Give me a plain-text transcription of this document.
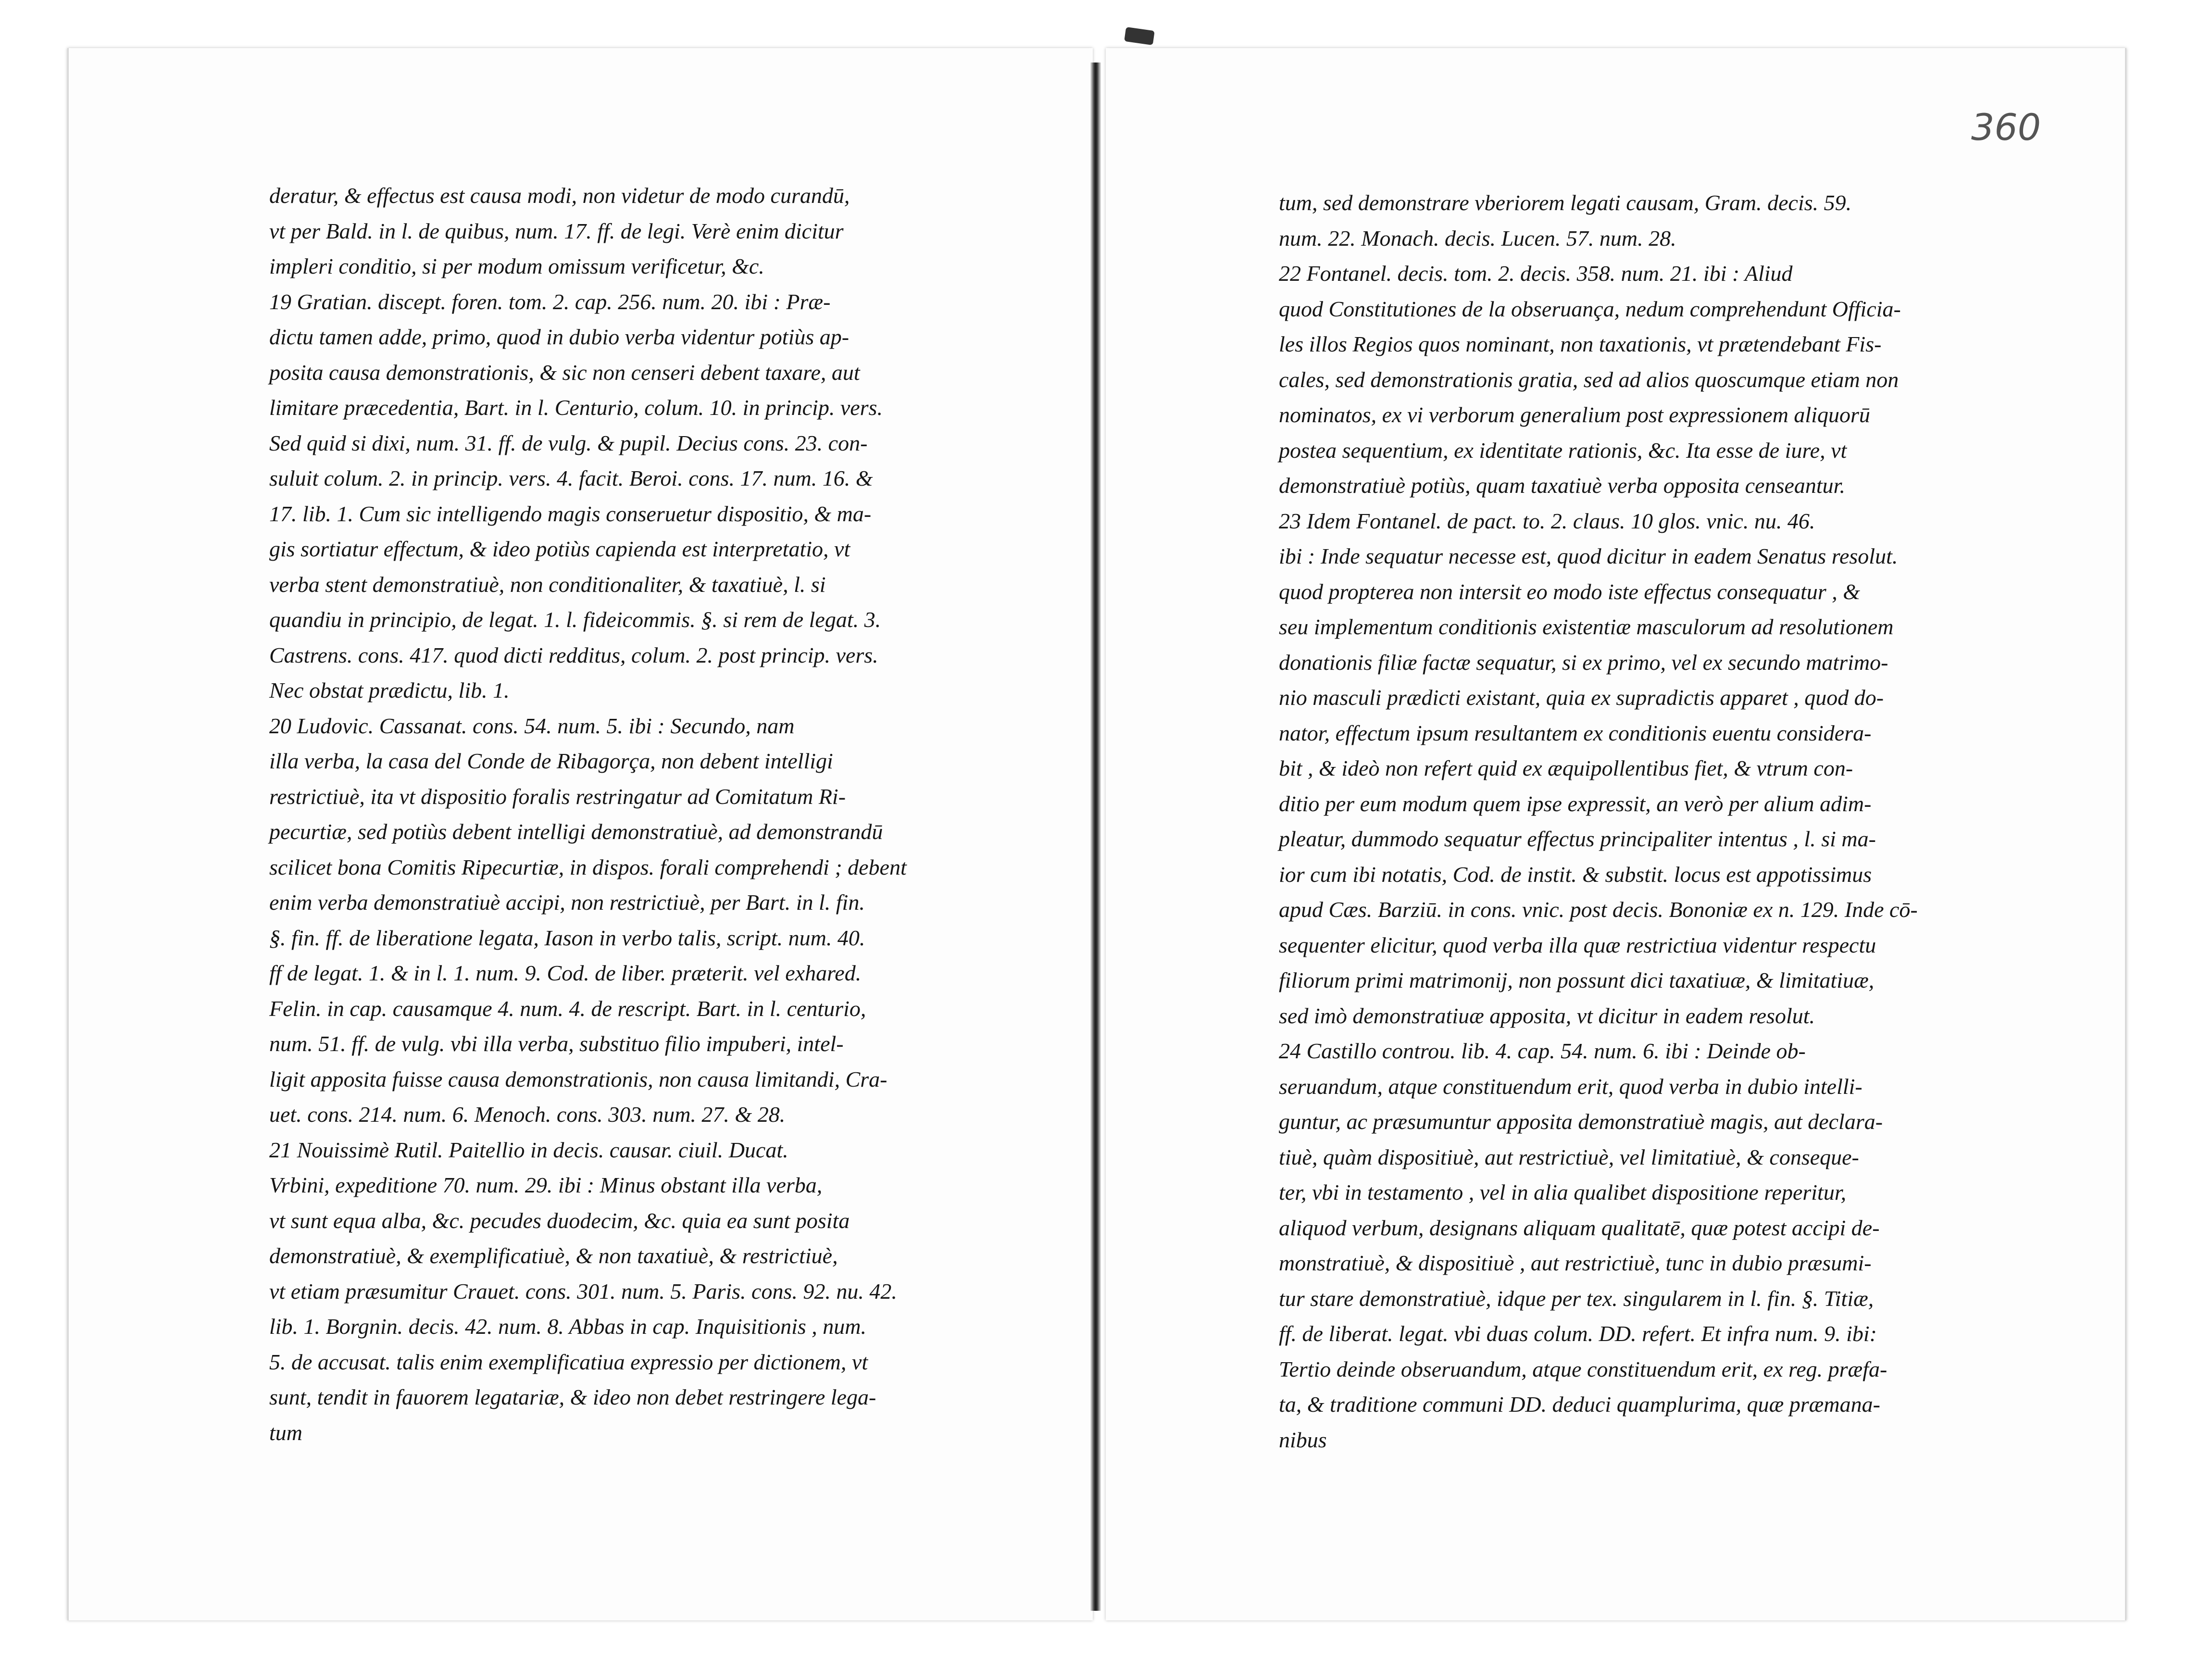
360
deratur, & effectus est causa modi, non videtur de modo curandū,
vt per Bald. in l. de quibus, num. 17. ff. de legi. Verè enim dicitur
impleri conditio, si per modum omissum verificetur, &c.
19 Gratian. discept. foren. tom. 2. cap. 256. num. 20. ibi : Præ-
dictu tamen adde, primo, quod in dubio verba videntur potiùs ap-
posita causa demonstrationis, & sic non censeri debent taxare, aut
limitare præcedentia, Bart. in l. Centurio, colum. 10. in princip. vers.
Sed quid si dixi, num. 31. ff. de vulg. & pupil. Decius cons. 23. con-
suluit colum. 2. in princip. vers. 4. facit. Beroi. cons. 17. num. 16. &
17. lib. 1. Cum sic intelligendo magis conseruetur dispositio, & ma-
gis sortiatur effectum, & ideo potiùs capienda est interpretatio, vt
verba stent demonstratiuè, non conditionaliter, & taxatiuè, l. si
quandiu in principio, de legat. 1. l. fideicommis. §. si rem de legat. 3.
Castrens. cons. 417. quod dicti redditus, colum. 2. post princip. vers.
Nec obstat prædictu, lib. 1.
20 Ludovic. Cassanat. cons. 54. num. 5. ibi : Secundo, nam
illa verba, la casa del Conde de Ribagorça, non debent intelligi
restrictiuè, ita vt dispositio foralis restringatur ad Comitatum Ri-
pecurtiæ, sed potiùs debent intelligi demonstratiuè, ad demonstrandū
scilicet bona Comitis Ripecurtiæ, in dispos. forali comprehendi ; debent
enim verba demonstratiuè accipi, non restrictiuè, per Bart. in l. fin.
§. fin. ff. de liberatione legata, Iason in verbo talis, script. num. 40.
ff de legat. 1. & in l. 1. num. 9. Cod. de liber. præterit. vel exhared.
Felin. in cap. causamque 4. num. 4. de rescript. Bart. in l. centurio,
num. 51. ff. de vulg. vbi illa verba, substituo filio impuberi, intel-
ligit apposita fuisse causa demonstrationis, non causa limitandi, Cra-
uet. cons. 214. num. 6. Menoch. cons. 303. num. 27. & 28.
21 Nouissimè Rutil. Paitellio in decis. causar. ciuil. Ducat.
Vrbini, expeditione 70. num. 29. ibi : Minus obstant illa verba,
vt sunt equa alba, &c. pecudes duodecim, &c. quia ea sunt posita
demonstratiuè, & exemplificatiuè, & non taxatiuè, & restrictiuè,
vt etiam præsumitur Crauet. cons. 301. num. 5. Paris. cons. 92. nu. 42.
lib. 1. Borgnin. decis. 42. num. 8. Abbas in cap. Inquisitionis , num.
5. de accusat. talis enim exemplificatiua expressio per dictionem, vt
sunt, tendit in fauorem legatariæ, & ideo non debet restringere lega-
tum
tum, sed demonstrare vberiorem legati causam, Gram. decis. 59.
num. 22. Monach. decis. Lucen. 57. num. 28.
22 Fontanel. decis. tom. 2. decis. 358. num. 21. ibi : Aliud
quod Constitutiones de la obseruança, nedum comprehendunt Officia-
les illos Regios quos nominant, non taxationis, vt prætendebant Fis-
cales, sed demonstrationis gratia, sed ad alios quoscumque etiam non
nominatos, ex vi verborum generalium post expressionem aliquorū
postea sequentium, ex identitate rationis, &c. Ita esse de iure, vt
demonstratiuè potiùs, quam taxatiuè verba opposita censeantur.
23 Idem Fontanel. de pact. to. 2. claus. 10 glos. vnic. nu. 46.
ibi : Inde sequatur necesse est, quod dicitur in eadem Senatus resolut.
quod propterea non intersit eo modo iste effectus consequatur , &
seu implementum conditionis existentiæ masculorum ad resolutionem
donationis filiæ factæ sequatur, si ex primo, vel ex secundo matrimo-
nio masculi prædicti existant, quia ex supradictis apparet , quod do-
nator, effectum ipsum resultantem ex conditionis euentu considera-
bit , & ideò non refert quid ex æquipollentibus fiet, & vtrum con-
ditio per eum modum quem ipse expressit, an verò per alium adim-
pleatur, dummodo sequatur effectus principaliter intentus , l. si ma-
ior cum ibi notatis, Cod. de instit. & substit. locus est appotissimus
apud Cæs. Barziū. in cons. vnic. post decis. Bononiæ ex n. 129. Inde cō-
sequenter elicitur, quod verba illa quæ restrictiua videntur respectu
filiorum primi matrimonij, non possunt dici taxatiuæ, & limitatiuæ,
sed imò demonstratiuæ apposita, vt dicitur in eadem resolut.
24 Castillo controu. lib. 4. cap. 54. num. 6. ibi : Deinde ob-
seruandum, atque constituendum erit, quod verba in dubio intelli-
guntur, ac præsumuntur apposita demonstratiuè magis, aut declara-
tiuè, quàm dispositiuè, aut restrictiuè, vel limitatiuè, & conseque-
ter, vbi in testamento , vel in alia qualibet dispositione reperitur,
aliquod verbum, designans aliquam qualitatē, quæ potest accipi de-
monstratiuè, & dispositiuè , aut restrictiuè, tunc in dubio præsumi-
tur stare demonstratiuè, idque per tex. singularem in l. fin. §. Titiæ,
ff. de liberat. legat. vbi duas colum. DD. refert. Et infra num. 9. ibi:
Tertio deinde obseruandum, atque constituendum erit, ex reg. præfa-
ta, & traditione communi DD. deduci quamplurima, quæ præmana-
nibus
